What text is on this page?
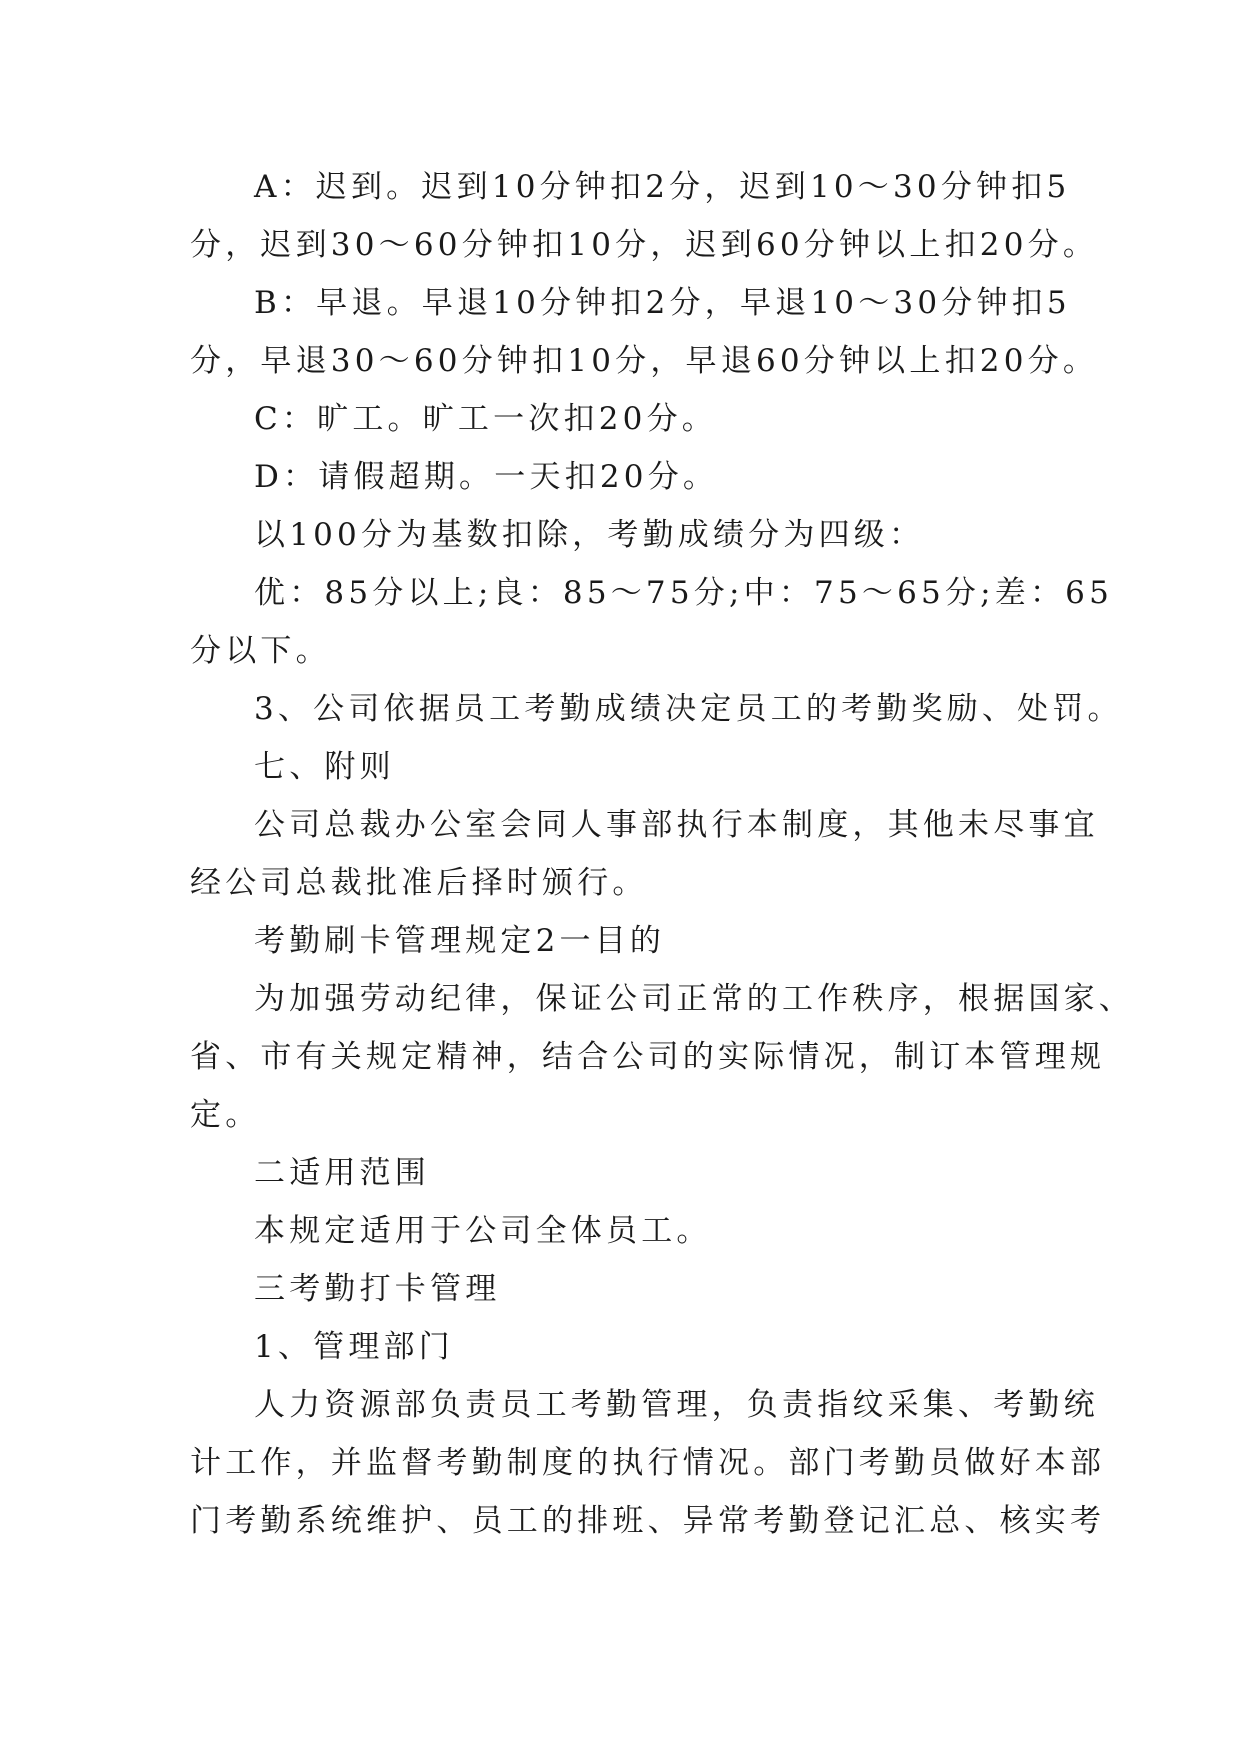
A：迟到。迟到10分钟扣2分，迟到10～30分钟扣5
分，迟到30～60分钟扣10分，迟到60分钟以上扣20分。
B：早退。早退10分钟扣2分，早退10～30分钟扣5
分，早退30～60分钟扣10分，早退60分钟以上扣20分。
C：旷工。旷工一次扣20分。
D：请假超期。一天扣20分。
以100分为基数扣除，考勤成绩分为四级：
优：85分以上;良：85～75分;中：75～65分;差：65
分以下。
3、公司依据员工考勤成绩决定员工的考勤奖励、处罚。
七、附则
公司总裁办公室会同人事部执行本制度，其他未尽事宜
经公司总裁批准后择时颁行。
考勤刷卡管理规定2一目的
为加强劳动纪律，保证公司正常的工作秩序，根据国家、
省、市有关规定精神，结合公司的实际情况，制订本管理规
定。
二适用范围
本规定适用于公司全体员工。
三考勤打卡管理
1、管理部门
人力资源部负责员工考勤管理，负责指纹采集、考勤统
计工作，并监督考勤制度的执行情况。部门考勤员做好本部
门考勤系统维护、员工的排班、异常考勤登记汇总、核实考
